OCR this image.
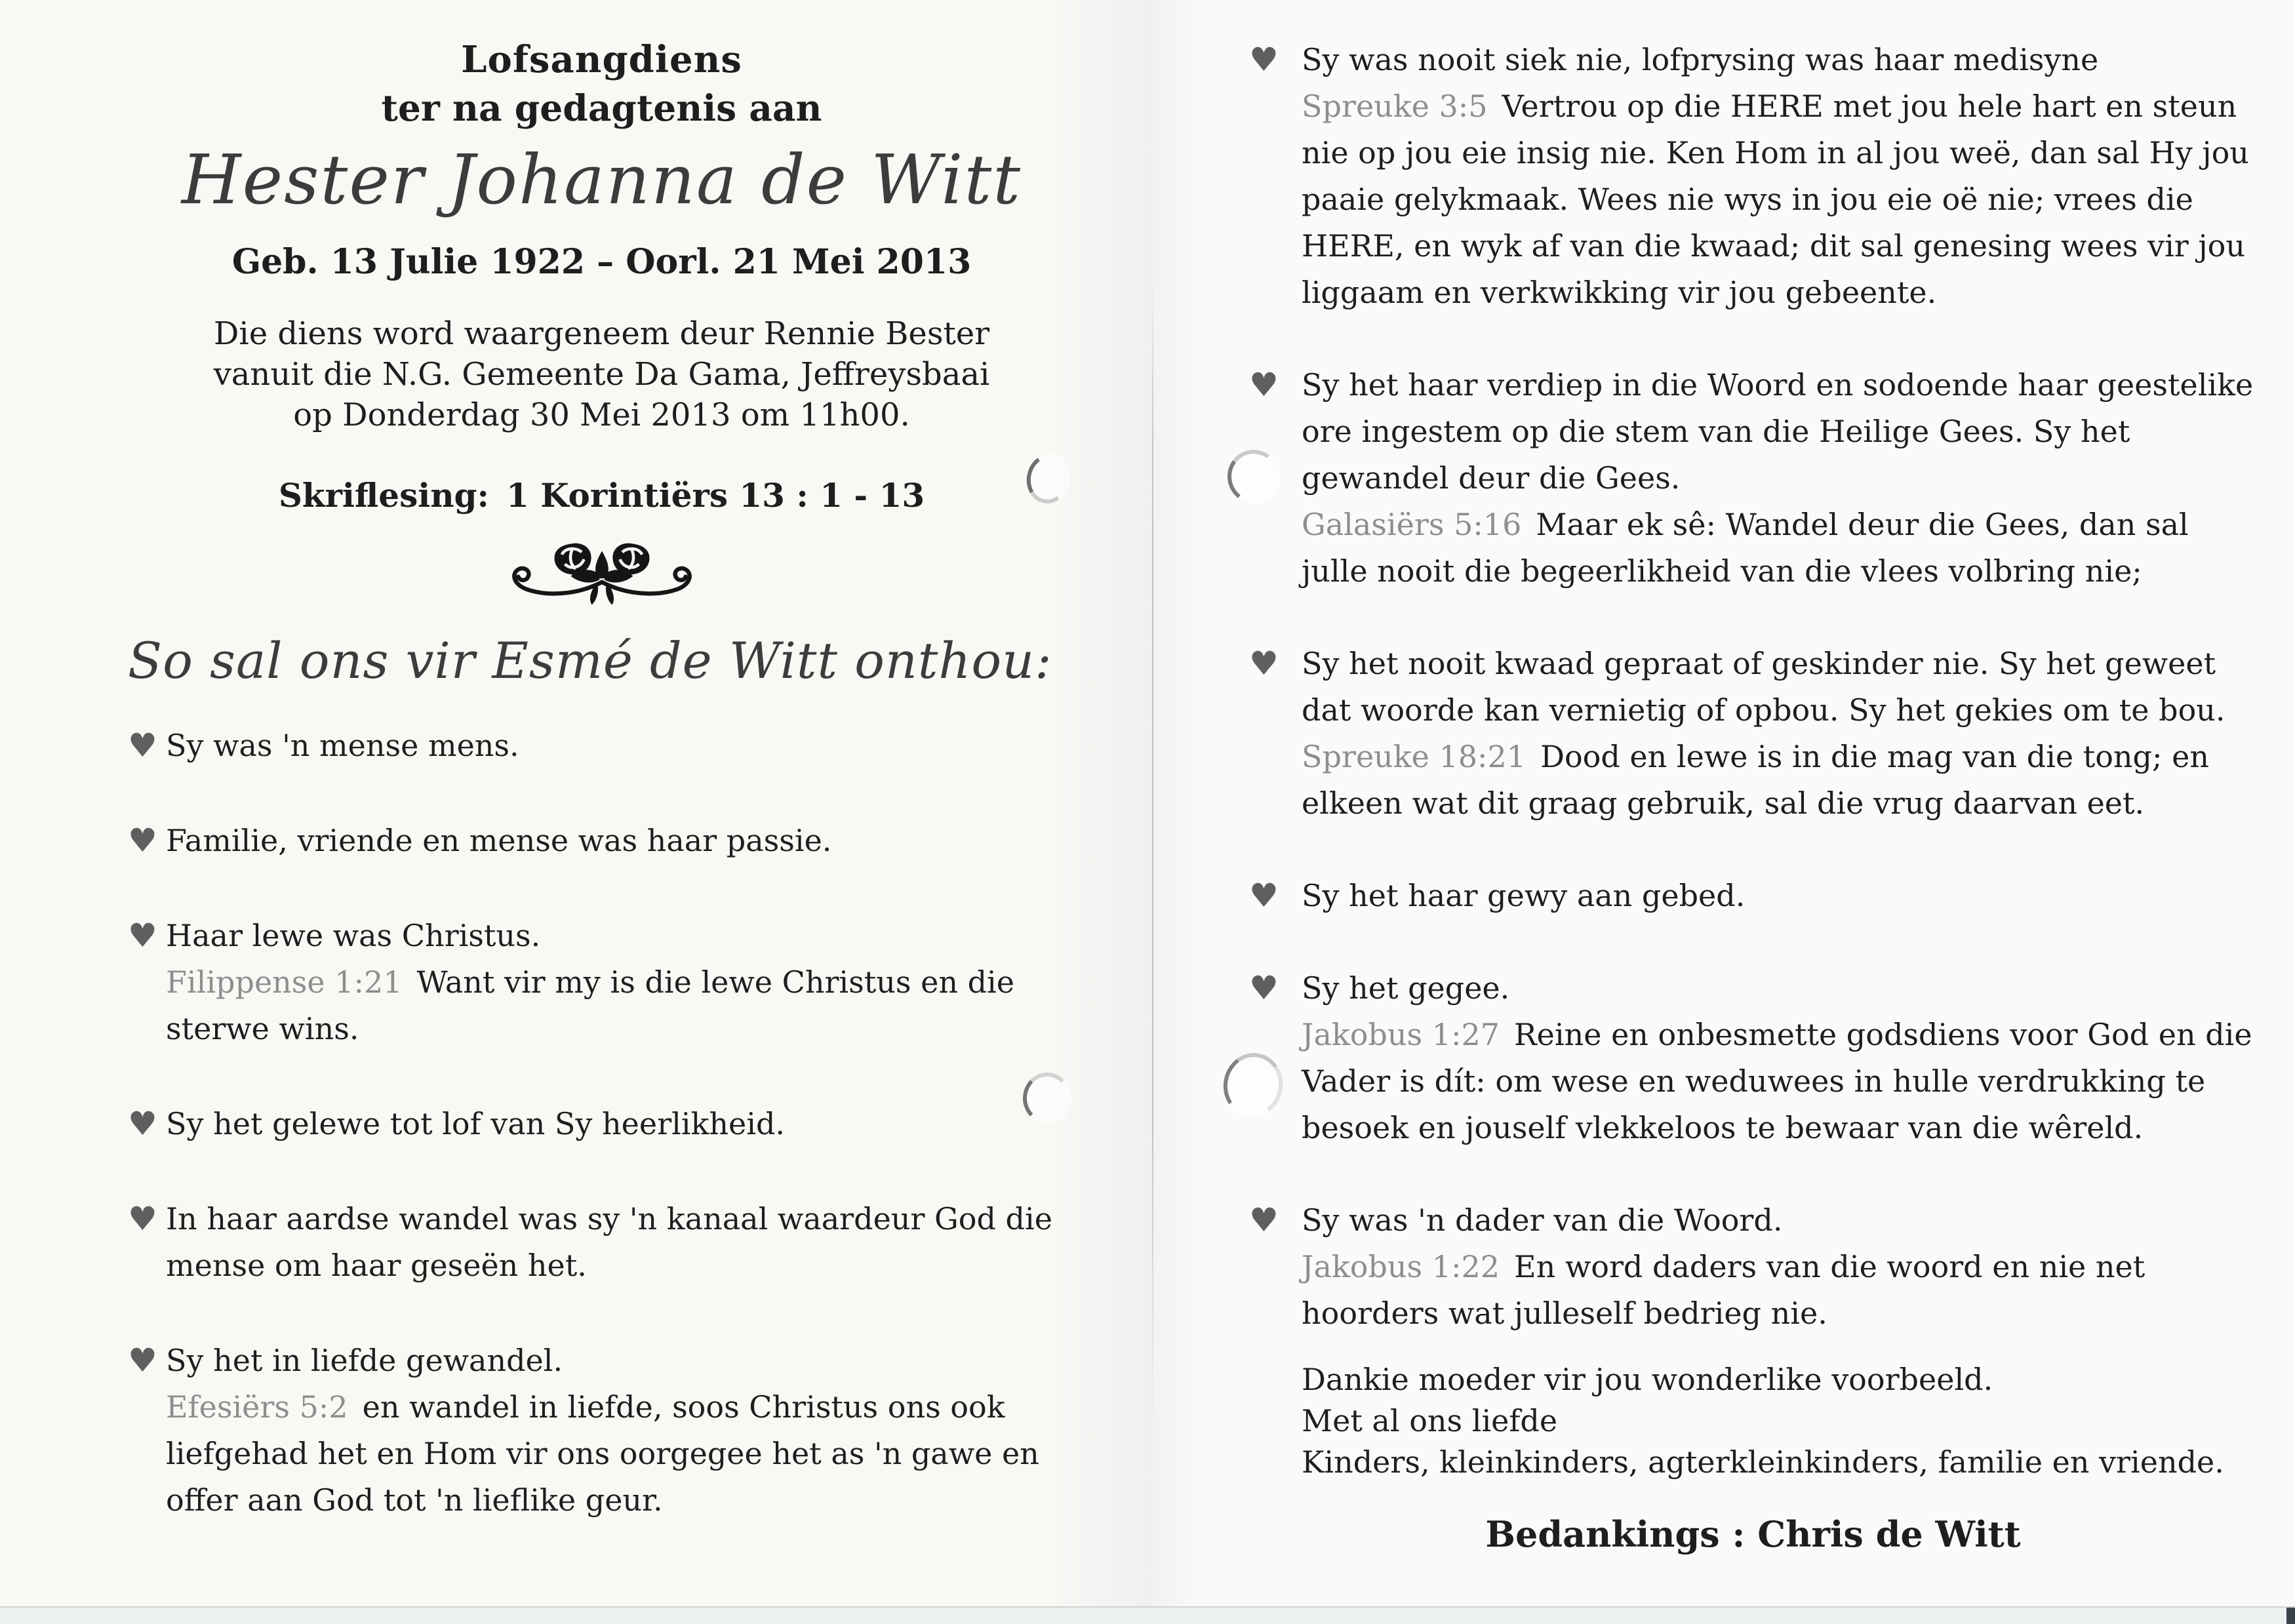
Lofsangdiens
ter na gedagtenis aan
Hester Johanna de Witt
Geb. 13 Julie 1922 – Oorl. 21 Mei 2013
Die diens word waargeneem deur Rennie Bester
vanuit die N.G. Gemeente Da Gama, Jeffreysbaai
op Donderdag 30 Mei 2013 om 11h00.
Skriflesing: 1 Korintiërs 13 : 1 - 13
So sal ons vir Esmé de Witt onthou:
♥ Sy was 'n mense mens.
♥ Familie, vriende en mense was haar passie.
♥ Haar lewe was Christus.
Filippense 1:21 Want vir my is die lewe Christus en die sterwe wins.
♥ Sy het gelewe tot lof van Sy heerlikheid.
♥ In haar aardse wandel was sy 'n kanaal waardeur God die mense om haar geseën het.
♥ Sy het in liefde gewandel.
Efesiërs 5:2 en wandel in liefde, soos Christus ons ook liefgehad het en Hom vir ons oorgegee het as 'n gawe en offer aan God tot 'n lieflike geur.
♥ Sy was nooit siek nie, lofprysing was haar medisyne
Spreuke 3:5 Vertrou op die HERE met jou hele hart en steun nie op jou eie insig nie. Ken Hom in al jou weë, dan sal Hy jou paaie gelykmaak. Wees nie wys in jou eie oë nie; vrees die HERE, en wyk af van die kwaad; dit sal genesing wees vir jou liggaam en verkwikking vir jou gebeente.
♥ Sy het haar verdiep in die Woord en sodoende haar geestelike ore ingestem op die stem van die Heilige Gees. Sy het gewandel deur die Gees.
Galasiërs 5:16 Maar ek sê: Wandel deur die Gees, dan sal julle nooit die begeerlikheid van die vlees volbring nie;
♥ Sy het nooit kwaad gepraat of geskinder nie. Sy het geweet dat woorde kan vernietig of opbou. Sy het gekies om te bou.
Spreuke 18:21 Dood en lewe is in die mag van die tong; en elkeen wat dit graag gebruik, sal die vrug daarvan eet.
♥ Sy het haar gewy aan gebed.
♥ Sy het gegee.
Jakobus 1:27 Reine en onbesmette godsdiens voor God en die Vader is dít: om wese en weduwees in hulle verdrukking te besoek en jouself vlekkeloos te bewaar van die wêreld.
♥ Sy was 'n dader van die Woord.
Jakobus 1:22 En word daders van die woord en nie net hoorders wat julleself bedrieg nie.
Dankie moeder vir jou wonderlike voorbeeld.
Met al ons liefde
Kinders, kleinkinders, agterkleinkinders, familie en vriende.
Bedankings : Chris de Witt
